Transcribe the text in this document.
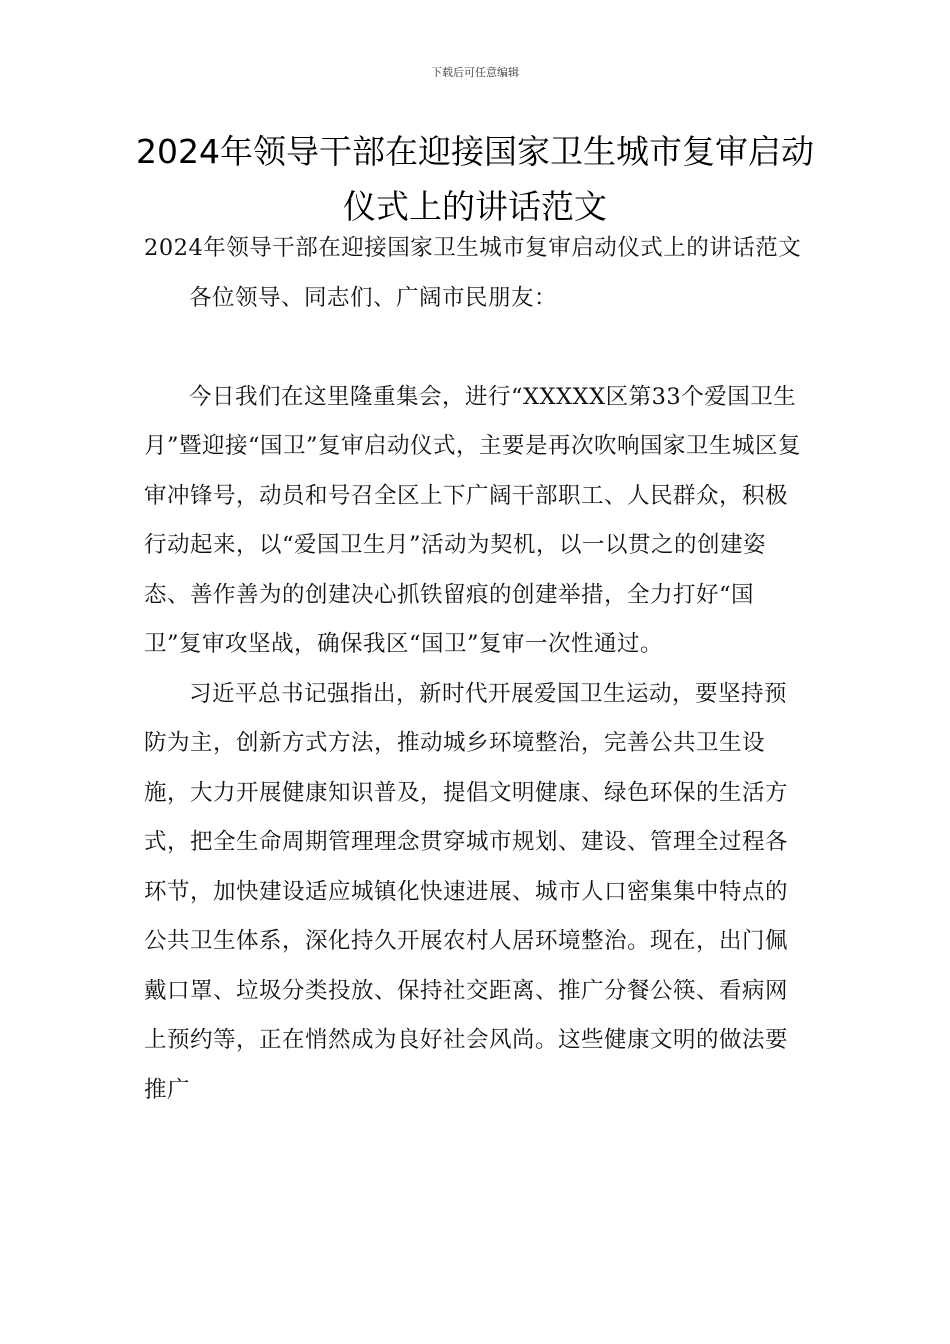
下载后可任意编辑
2024年领导干部在迎接国家卫生城市复审启动仪式上的讲话范文

2024年领导干部在迎接国家卫生城市复审启动仪式上的讲话范文

各位领导、同志们、广阔市民朋友：

今日我们在这里隆重集会，进行“XXXXX区第33个爱国卫生月”暨迎接“国卫”复审启动仪式，主要是再次吹响国家卫生城区复审冲锋号，动员和号召全区上下广阔干部职工、人民群众，积极行动起来，以“爱国卫生月”活动为契机，以一以贯之的创建姿态、善作善为的创建决心抓铁留痕的创建举措，全力打好“国卫”复审攻坚战，确保我区“国卫”复审一次性通过。

习近平总书记强指出，新时代开展爱国卫生运动，要坚持预防为主，创新方式方法，推动城乡环境整治，完善公共卫生设施，大力开展健康知识普及，提倡文明健康、绿色环保的生活方式，把全生命周期管理理念贯穿城市规划、建设、管理全过程各环节，加快建设适应城镇化快速进展、城市人口密集集中特点的公共卫生体系，深化持久开展农村人居环境整治。现在，出门佩戴口罩、垃圾分类投放、保持社交距离、推广分餐公筷、看病网上预约等，正在悄然成为良好社会风尚。这些健康文明的做法要推广
